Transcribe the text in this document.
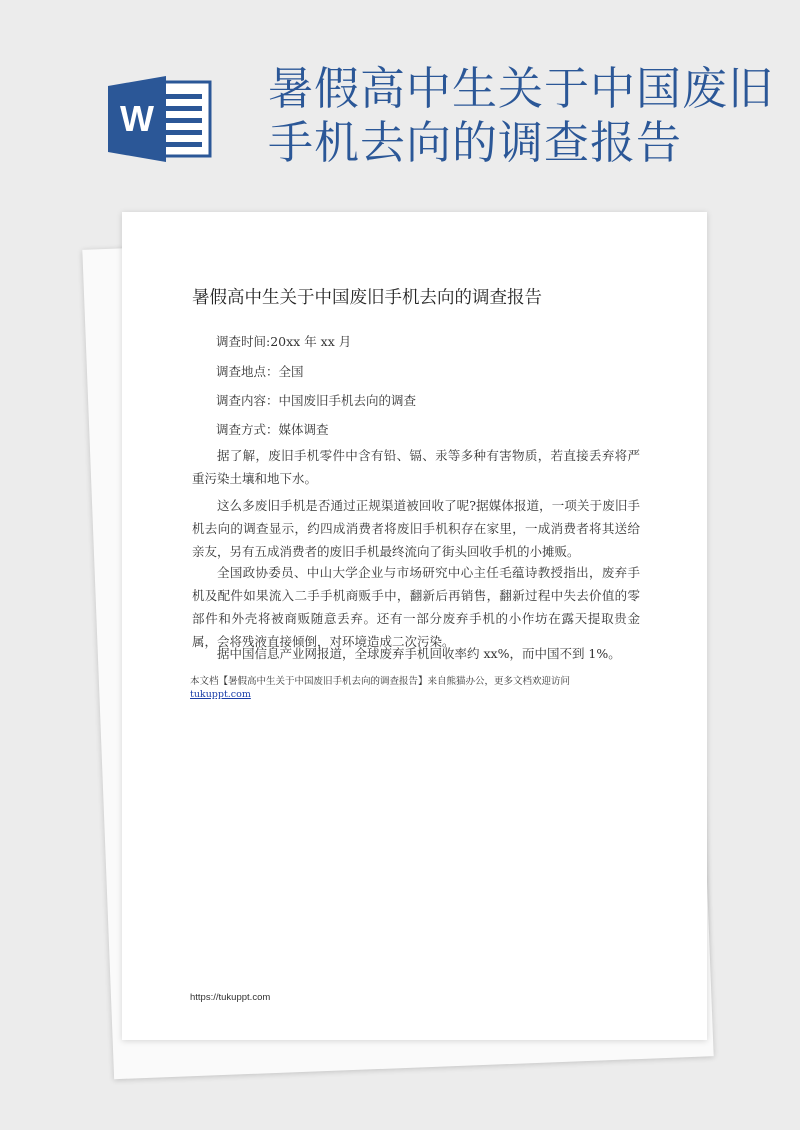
W
暑假高中生关于中国废旧手机去向的调查报告
暑假高中生关于中国废旧手机去向的调查报告
调查时间:20xx 年 xx 月
调查地点：全国
调查内容：中国废旧手机去向的调查
调查方式：媒体调查
据了解，废旧手机零件中含有铅、镉、汞等多种有害物质，若直接丢弃将严重污染土壤和地下水。
这么多废旧手机是否通过正规渠道被回收了呢?据媒体报道，一项关于废旧手机去向的调查显示，约四成消费者将废旧手机积存在家里，一成消费者将其送给亲友，另有五成消费者的废旧手机最终流向了街头回收手机的小摊贩。
全国政协委员、中山大学企业与市场研究中心主任毛蕴诗教授指出，废弃手机及配件如果流入二手手机商贩手中，翻新后再销售，翻新过程中失去价值的零部件和外壳将被商贩随意丢弃。还有一部分废弃手机的小作坊在露天提取贵金属，会将残液直接倾倒，对环境造成二次污染。
据中国信息产业网报道，全球废弃手机回收率约 xx%，而中国不到 1%。
本文档【暑假高中生关于中国废旧手机去向的调查报告】来自熊猫办公，更多文档欢迎访问
tukuppt.com
https://tukuppt.com
